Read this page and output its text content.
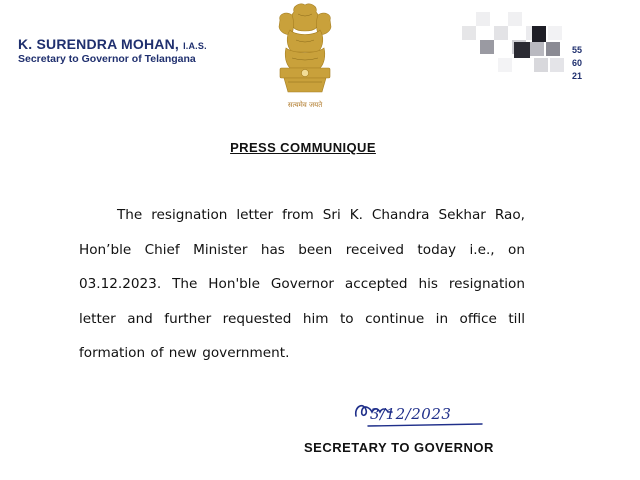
K. SURENDRA MOHAN, I.A.S.
Secretary to Governor of Telangana
सत्यमेव जयते
55
60
21
PRESS COMMUNIQUE
The resignation letter from Sri K. Chandra Sekhar Rao, Hon’ble Chief Minister has been received today i.e., on 03.12.2023. The Hon'ble Governor accepted his resignation letter and further requested him to continue in office till formation of new government.
3/12/2023
SECRETARY TO GOVERNOR
